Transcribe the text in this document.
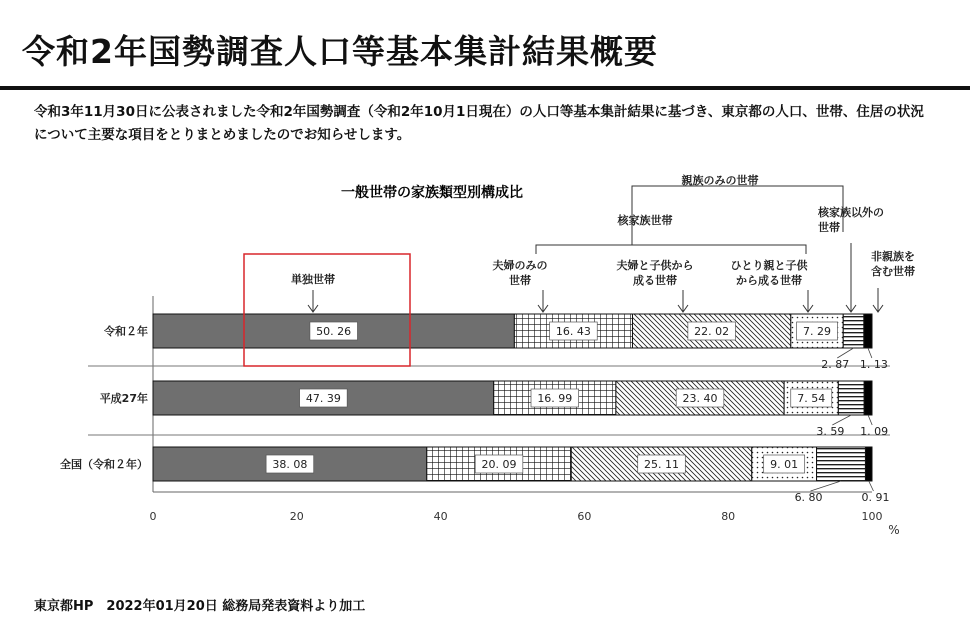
令和2年国勢調査人口等基本集計結果概要
令和3年11月30日に公表されました令和2年国勢調査（令和2年10月1日現在）の人口等基本集計結果に基づき、東京都の人口、世帯、住居の状況について主要な項目をとりまとめましたのでお知らせします。
一般世帯の家族類型別構成比
0	20	40	60	80	100
%
令和２年
平成27年
全国（令和２年）
50. 26	16. 43	22. 02	7. 29
2. 87 1. 13
47. 39	16. 99	23. 40	7. 54
3. 59 1. 09
38. 08	20. 09	25. 11	9. 01
6. 80	0. 91
単独世帯
夫婦のみの世帯
夫婦と子供から成る世帯
ひとり親と子供から成る世帯
核家族以外の世帯
非親族を含む世帯
親族のみの世帯
核家族世帯
東京都HP　2022年01月20日 総務局発表資料より加工
